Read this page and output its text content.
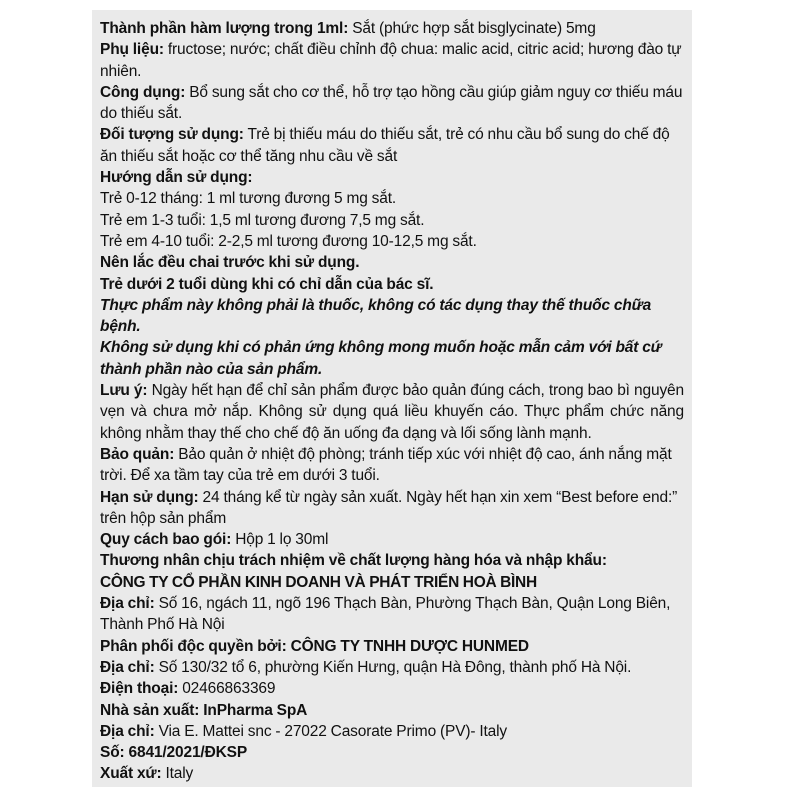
Thành phần hàm lượng trong 1ml: Sắt (phức hợp sắt bisglycinate) 5mg

Phụ liệu: fructose; nước; chất điều chỉnh độ chua: malic acid, citric acid; hương đào tự nhiên.

Công dụng: Bổ sung sắt cho cơ thể, hỗ trợ tạo hồng cầu giúp giảm nguy cơ thiếu máu do thiếu sắt.

Đối tượng sử dụng: Trẻ bị thiếu máu do thiếu sắt, trẻ có nhu cầu bổ sung do chế độ ăn thiếu sắt hoặc cơ thể tăng nhu cầu về sắt

Hướng dẫn sử dụng:

Trẻ 0-12 tháng: 1 ml tương đương 5 mg sắt.

Trẻ em 1-3 tuổi: 1,5 ml tương đương 7,5 mg sắt.

Trẻ em 4-10 tuổi: 2-2,5 ml tương đương 10-12,5 mg sắt.

Nên lắc đều chai trước khi sử dụng.

Trẻ dưới 2 tuổi dùng khi có chỉ dẫn của bác sĩ.

Thực phẩm này không phải là thuốc, không có tác dụng thay thế thuốc chữa bệnh.

Không sử dụng khi có phản ứng không mong muốn hoặc mẫn cảm với bất cứ thành phần nào của sản phẩm.

Lưu ý: Ngày hết hạn để chỉ sản phẩm được bảo quản đúng cách, trong bao bì nguyên vẹn và chưa mở nắp. Không sử dụng quá liều khuyến cáo. Thực phẩm chức năng không nhằm thay thế cho chế độ ăn uống đa dạng và lối sống lành mạnh.

Bảo quản: Bảo quản ở nhiệt độ phòng; tránh tiếp xúc với nhiệt độ cao, ánh nắng mặt trời. Để xa tầm tay của trẻ em dưới 3 tuổi.

Hạn sử dụng: 24 tháng kể từ ngày sản xuất. Ngày hết hạn xin xem “Best before end:” trên hộp sản phẩm

Quy cách bao gói: Hộp 1 lọ 30ml

Thương nhân chịu trách nhiệm về chất lượng hàng hóa và nhập khẩu:

CÔNG TY CỔ PHẦN KINH DOANH VÀ PHÁT TRIỂN HOÀ BÌNH

Địa chỉ: Số 16, ngách 11, ngõ 196 Thạch Bàn, Phường Thạch Bàn, Quận Long Biên, Thành Phố Hà Nội

Phân phối độc quyền bởi: CÔNG TY TNHH DƯỢC HUNMED

Địa chỉ: Số 130/32 tổ 6, phường Kiến Hưng, quận Hà Đông, thành phố Hà Nội.

Điện thoại: 02466863369

Nhà sản xuất: InPharma SpA

Địa chỉ: Via E. Mattei snc - 27022 Casorate Primo (PV)- Italy

Số: 6841/2021/ĐKSP

Xuất xứ: Italy
